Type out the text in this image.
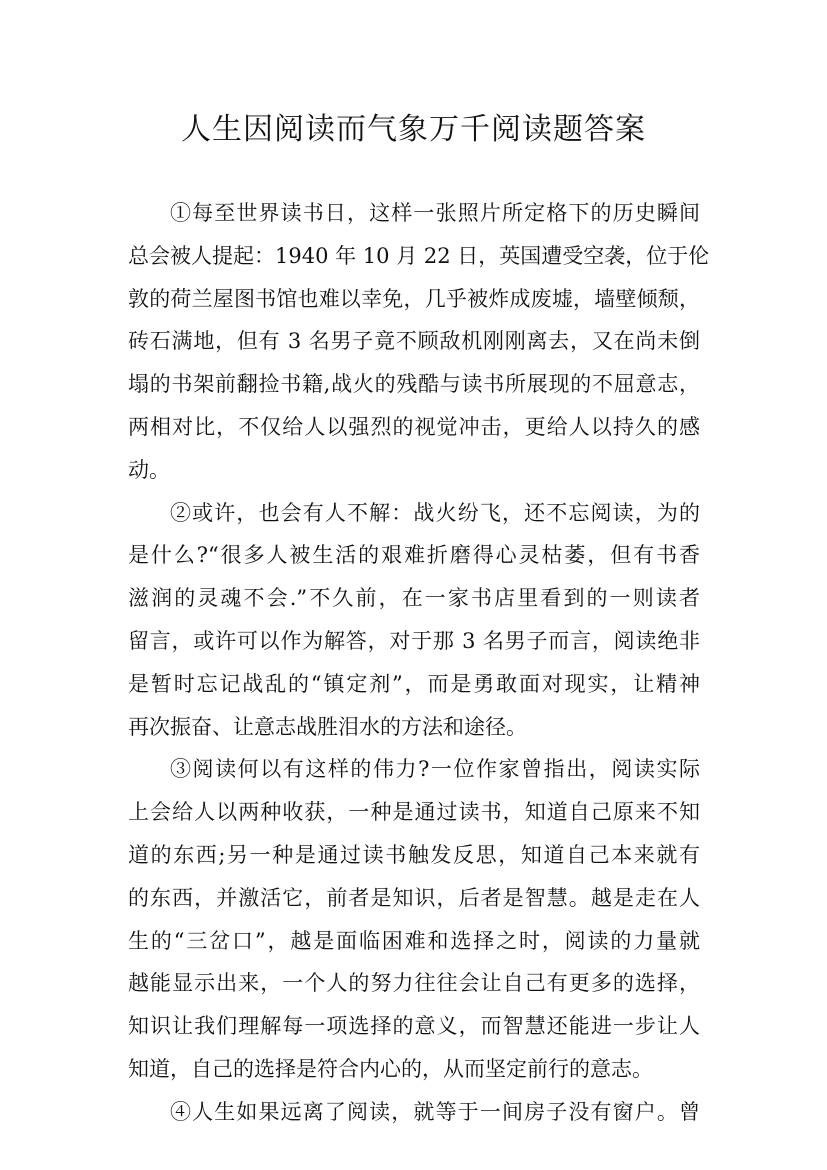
人生因阅读而气象万千阅读题答案
①每至世界读书日，这样一张照片所定格下的历史瞬间
总会被人提起：1940 年 10 月 22 日，英国遭受空袭，位于伦
敦的荷兰屋图书馆也难以幸免，几乎被炸成废墟，墙壁倾颓，
砖石满地，但有 3 名男子竟不顾敌机刚刚离去，又在尚未倒
塌的书架前翻捡书籍,战火的残酷与读书所展现的不屈意志，
两相对比，不仅给人以强烈的视觉冲击，更给人以持久的感
动。
②或许，也会有人不解：战火纷飞，还不忘阅读，为的
是什么?“很多人被生活的艰难折磨得心灵枯萎，但有书香
滋润的灵魂不会.”不久前，在一家书店里看到的一则读者
留言，或许可以作为解答，对于那 3 名男子而言，阅读绝非
是暂时忘记战乱的“镇定剂”，而是勇敢面对现实，让精神
再次振奋、让意志战胜泪水的方法和途径。
③阅读何以有这样的伟力?一位作家曾指出，阅读实际
上会给人以两种收获，一种是通过读书，知道自己原来不知
道的东西;另一种是通过读书触发反思，知道自己本来就有
的东西，并激活它，前者是知识，后者是智慧。越是走在人
生的“三岔口”，越是面临困难和选择之时，阅读的力量就
越能显示出来，一个人的努力往往会让自己有更多的选择，
知识让我们理解每一项选择的意义，而智慧还能进一步让人
知道，自己的选择是符合内心的，从而坚定前行的意志。
④人生如果远离了阅读，就等于一间房子没有窗户。曾
